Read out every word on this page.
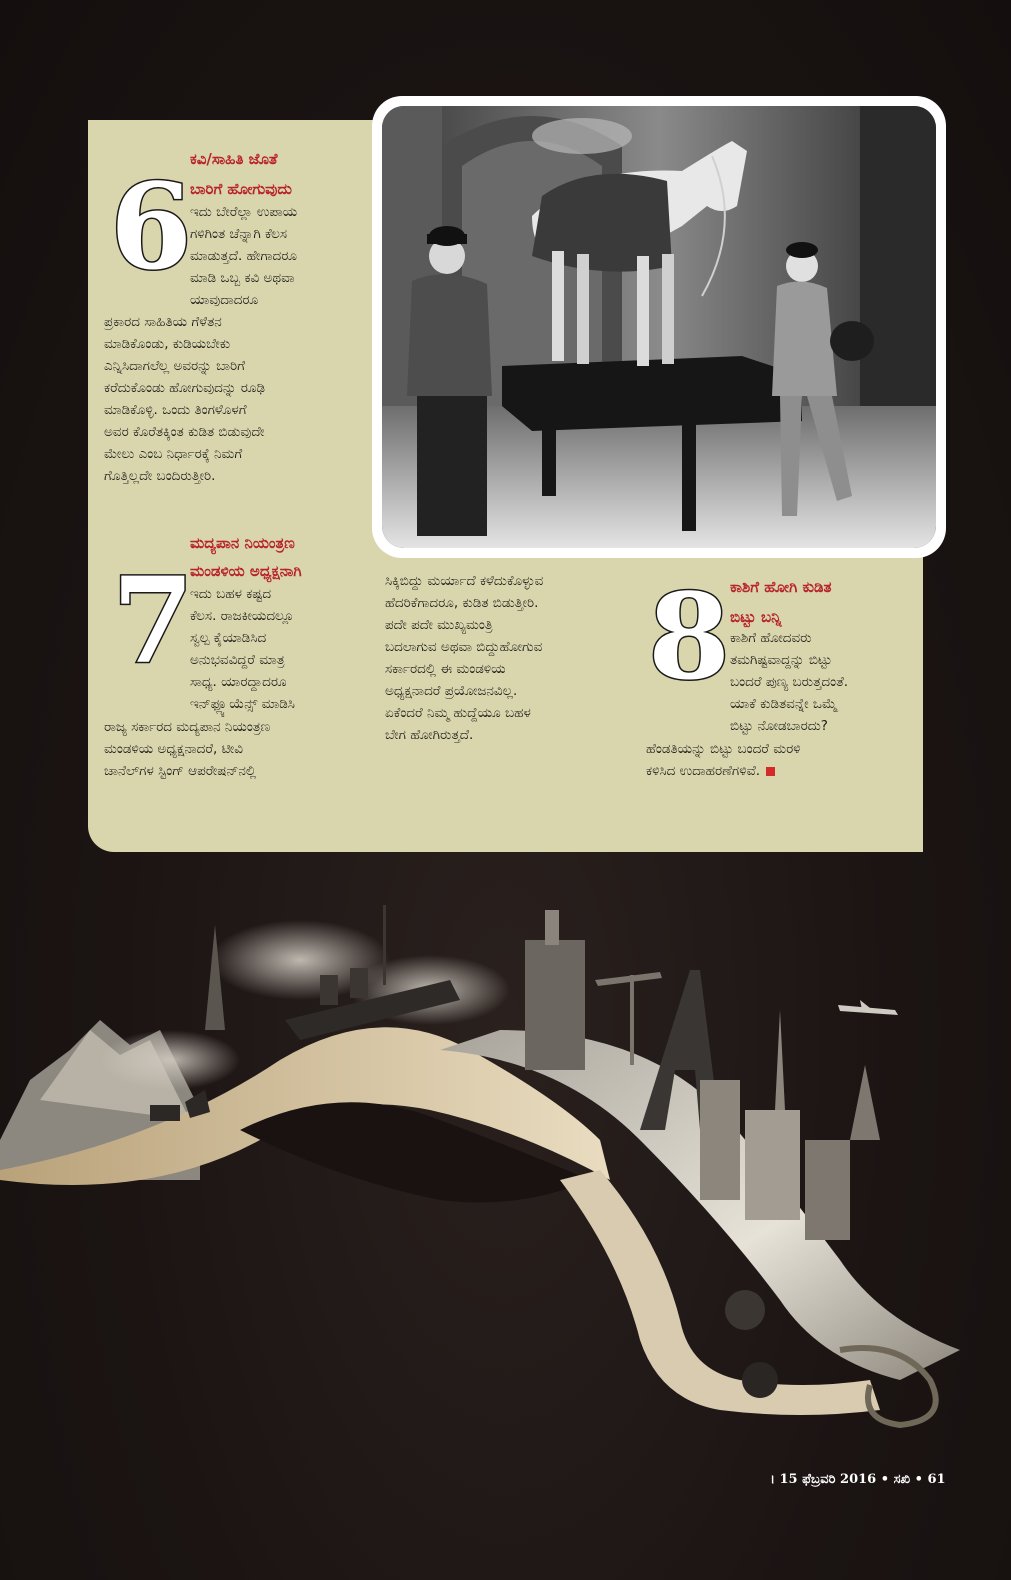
ಕವಿ/ಸಾಹಿತಿ ಜೊತೆ

ಬಾರಿಗೆ ಹೋಗುವುದು

6

ಇದು ಬೇರೆಲ್ಲಾ ಉಪಾಯ
ಗಳಿಗಿಂತ ಚೆನ್ನಾಗಿ ಕೆಲಸ
ಮಾಡುತ್ತದೆ. ಹೇಗಾದರೂ
ಮಾಡಿ ಒಬ್ಬ ಕವಿ ಅಥವಾ
ಯಾವುದಾದರೂ

ಪ್ರಕಾರದ ಸಾಹಿತಿಯ ಗೆಳೆತನ
ಮಾಡಿಕೊಂಡು, ಕುಡಿಯಬೇಕು
ಎನ್ನಿಸಿದಾಗಲೆಲ್ಲ ಅವರನ್ನು ಬಾರಿಗೆ
ಕರೆದುಕೊಂಡು ಹೋಗುವುದನ್ನು ರೂಢಿ
ಮಾಡಿಕೊಳ್ಳಿ. ಒಂದು ತಿಂಗಳೊಳಗೆ
ಅವರ ಕೊರೆತಕ್ಕಿಂತ ಕುಡಿತ ಬಿಡುವುದೇ
ಮೇಲು ಎಂಬ ನಿರ್ಧಾರಕ್ಕೆ ನಿಮಗೆ
ಗೊತ್ತಿಲ್ಲದೇ ಬಂದಿರುತ್ತೀರಿ.

ಮದ್ಯಪಾನ ನಿಯಂತ್ರಣ

ಮಂಡಳಿಯ ಅಧ್ಯಕ್ಷನಾಗಿ

7

ಇದು ಬಹಳ ಕಷ್ಟದ
ಕೆಲಸ. ರಾಜಕೀಯದಲ್ಲೂ
ಸ್ವಲ್ಪ ಕೈಯಾಡಿಸಿದ
ಅನುಭವವಿದ್ದರೆ ಮಾತ್ರ
ಸಾಧ್ಯ. ಯಾರದ್ದಾದರೂ
ಇನ್‌ಫ್ಲ್ಯೂಯೆನ್ಸ್ ಮಾಡಿಸಿ

ರಾಜ್ಯ ಸರ್ಕಾರದ ಮದ್ಯಪಾನ ನಿಯಂತ್ರಣ
ಮಂಡಳಿಯ ಅಧ್ಯಕ್ಷನಾದರೆ, ಟೀವಿ
ಚಾನೆಲ್‌ಗಳ ಸ್ಟಿಂಗ್ ಆಪರೇಷನ್‌ನಲ್ಲಿ

ಸಿಕ್ಕಿಬಿದ್ದು ಮರ್ಯಾದೆ ಕಳೆದುಕೊಳ್ಳುವ
ಹೆದರಿಕೆಗಾದರೂ, ಕುಡಿತ ಬಿಡುತ್ತೀರಿ.
ಪದೇ ಪದೇ ಮುಖ್ಯಮಂತ್ರಿ
ಬದಲಾಗುವ ಅಥವಾ ಬಿದ್ದುಹೋಗುವ
ಸರ್ಕಾರದಲ್ಲಿ ಈ ಮಂಡಳಿಯ
ಅಧ್ಯಕ್ಷನಾದರೆ ಪ್ರಯೋಜನವಿಲ್ಲ.
ಏಕೆಂದರೆ ನಿಮ್ಮ ಹುದ್ದೆಯೂ ಬಹಳ
ಬೇಗ ಹೋಗಿರುತ್ತದೆ.

ಕಾಶಿಗೆ ಹೋಗಿ ಕುಡಿತ

ಬಿಟ್ಟು ಬನ್ನಿ

8 ಕಾಶಿಗೆ ಹೋದವರು
ತಮಗಿಷ್ಟವಾದ್ದನ್ನು ಬಿಟ್ಟು
ಬಂದರೆ ಪುಣ್ಯ ಬರುತ್ತದಂತೆ.
ಯಾಕೆ ಕುಡಿತವನ್ನೇ ಒಮ್ಮೆ
ಬಿಟ್ಟು ನೋಡಬಾರದು?

ಹೆಂಡತಿಯನ್ನು ಬಿಟ್ಟು ಬಂದರೆ ಮರಳಿ
ಕಳಿಸಿದ ಉದಾಹರಣೆಗಳಿವೆ.

। 15 ಫೆಬ್ರವರಿ 2016 • ಸಖಿ • 61
